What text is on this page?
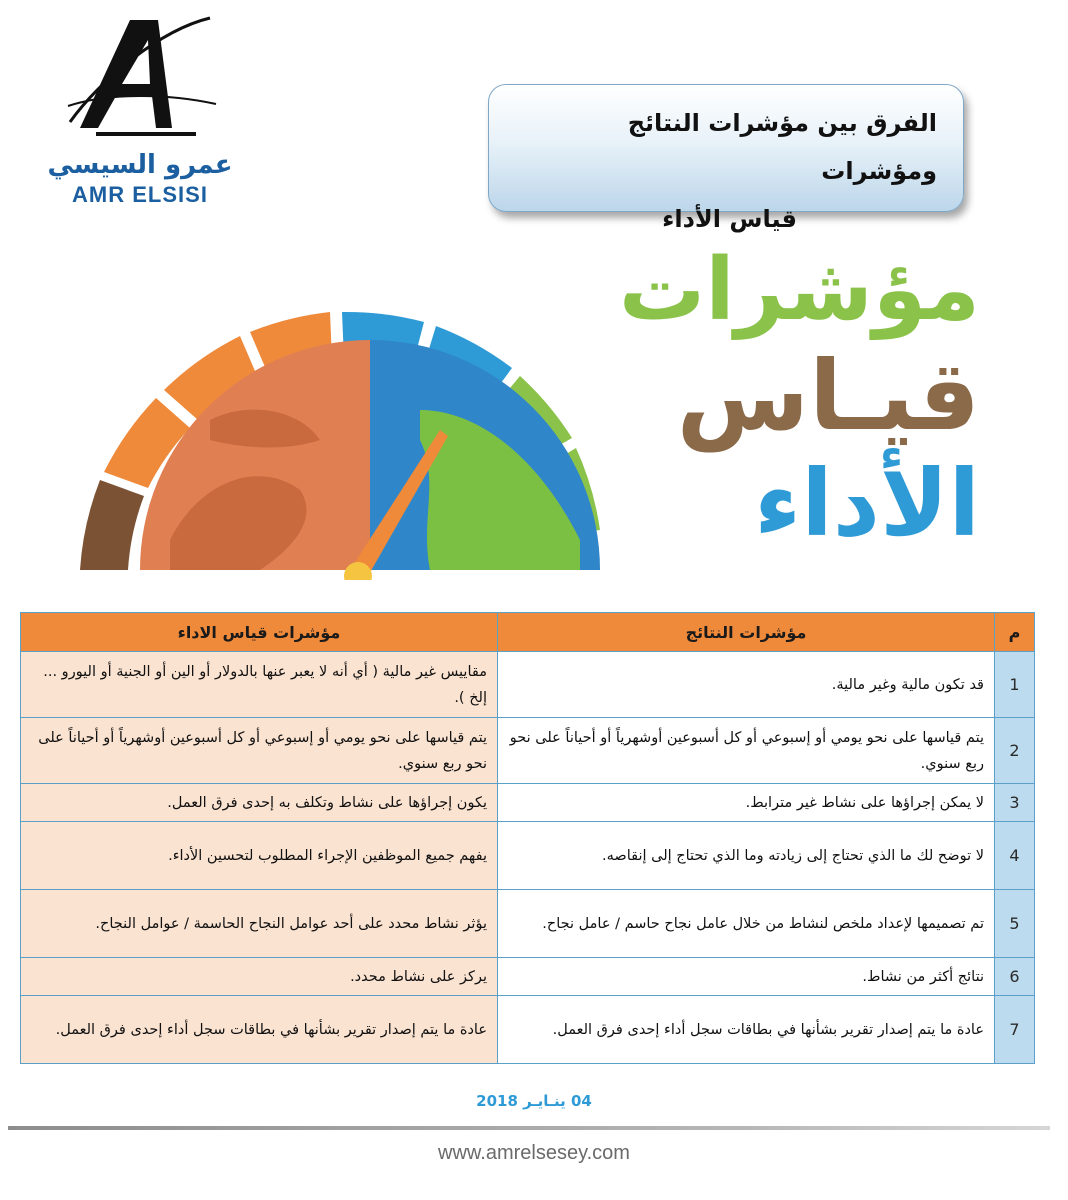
عمرو السيسي
AMR ELSISI
الفرق بين مؤشرات النتائج ومؤشرات
قياس الأداء
مؤشرات
قيـاس
الأداء
م	مؤشرات النتائج	مؤشرات قياس الاداء
1	قد تكون مالية وغير مالية.	مقاييس غير مالية ( أي أنه لا يعبر عنها بالدولار أو الين أو الجنية أو اليورو ... إلخ ).
2	يتم قياسها على نحو يومي أو إسبوعي أو كل أسبوعين أوشهرياً أو أحياناً على نحو ربع سنوي.	يتم قياسها على نحو يومي أو إسبوعي أو كل أسبوعين أوشهرياً أو أحياناً على نحو ربع سنوي.
3	لا يمكن إجراؤها على نشاط غير مترابط.	يكون إجراؤها على نشاط وتكلف به إحدى فرق العمل.
4	لا توضح لك ما الذي تحتاج إلى زيادته وما الذي تحتاج إلى إنقاصه.	يفهم جميع الموظفين الإجراء المطلوب لتحسين الأداء.
5	تم تصميمها لإعداد ملخص لنشاط من خلال عامل نجاح حاسم / عامل نجاح.	يؤثر نشاط محدد على أحد عوامل النجاح الحاسمة / عوامل النجاح.
6	نتائج أكثر من نشاط.	يركز على نشاط محدد.
7	عادة ما يتم إصدار تقرير بشأنها في بطاقات سجل أداء إحدى فرق العمل.	عادة ما يتم إصدار تقرير بشأنها في بطاقات سجل أداء إحدى فرق العمل.
04 ينـايـر 2018
www.amrelsesey.com
